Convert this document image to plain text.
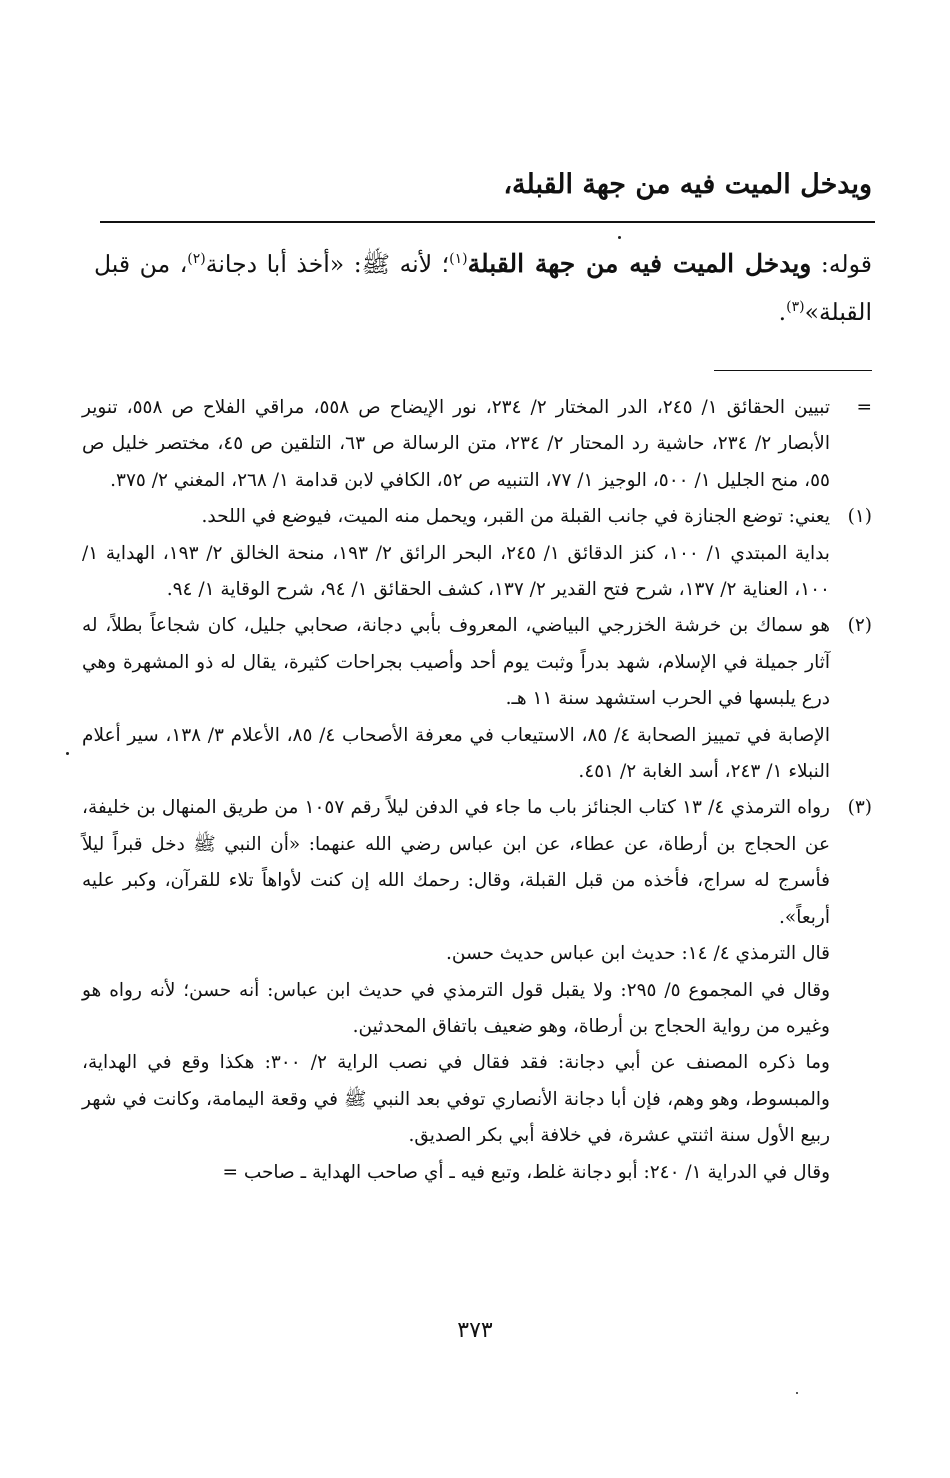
ويدخل الميت فيه من جهة القبلة،
قوله: ويدخل الميت فيه من جهة القبلة$^{(١)}$؛ لأنه ﷺ: «أخذ أبا دجانة$^{(٢)}$، من قبل القبلة»$^{(٣)}$.
=

تبيين الحقائق ١/ ٢٤٥، الدر المختار ٢/ ٢٣٤، نور الإيضاح ص ٥٥٨، مراقي الفلاح ص ٥٥٨، تنوير الأبصار ٢/ ٢٣٤، حاشية رد المحتار ٢/ ٢٣٤، متن الرسالة ص ٦٣، التلقين ص ٤٥، مختصر خليل ص ٥٥، منح الجليل ١/ ٥٠٠، الوجيز ١/ ٧٧، التنبيه ص ٥٢، الكافي لابن قدامة ١/ ٢٦٨، المغني ٢/ ٣٧٥.

(١)

يعني: توضع الجنازة في جانب القبلة من القبر، ويحمل منه الميت، فيوضع في اللحد.

بداية المبتدي ١/ ١٠٠، كنز الدقائق ١/ ٢٤٥، البحر الرائق ٢/ ١٩٣، منحة الخالق ٢/ ١٩٣، الهداية ١/ ١٠٠، العناية ٢/ ١٣٧، شرح فتح القدير ٢/ ١٣٧، كشف الحقائق ١/ ٩٤، شرح الوقاية ١/ ٩٤.

(٢)

هو سماك بن خرشة الخزرجي البياضي، المعروف بأبي دجانة، صحابي جليل، كان شجاعاً بطلاً، له آثار جميلة في الإسلام، شهد بدراً وثبت يوم أحد وأصيب بجراحات كثيرة، يقال له ذو المشهرة وهي درع يلبسها في الحرب استشهد سنة ١١ هـ.

الإصابة في تمييز الصحابة ٤/ ٨٥، الاستيعاب في معرفة الأصحاب ٤/ ٨٥، الأعلام ٣/ ١٣٨، سير أعلام النبلاء ١/ ٢٤٣، أسد الغابة ٢/ ٤٥١.

(٣)

رواه الترمذي ٤/ ١٣ كتاب الجنائز باب ما جاء في الدفن ليلاً رقم ١٠٥٧ من طريق المنهال بن خليفة، عن الحجاج بن أرطاة، عن عطاء، عن ابن عباس رضي الله عنهما: «أن النبي ﷺ دخل قبراً ليلاً فأسرج له سراج، فأخذه من قبل القبلة، وقال: رحمك الله إن كنت لأواهاً تلاء للقرآن، وكبر عليه أربعاً».

قال الترمذي ٤/ ١٤: حديث ابن عباس حديث حسن.

وقال في المجموع ٥/ ٢٩٥: ولا يقبل قول الترمذي في حديث ابن عباس: أنه حسن؛ لأنه رواه هو وغيره من رواية الحجاج بن أرطاة، وهو ضعيف باتفاق المحدثين.

وما ذكره المصنف عن أبي دجانة: فقد فقال في نصب الراية ٢/ ٣٠٠: هكذا وقع في الهداية، والمبسوط، وهو وهم، فإن أبا دجانة الأنصاري توفي بعد النبي ﷺ في وقعة اليمامة، وكانت في شهر ربيع الأول سنة اثنتي عشرة، في خلافة أبي بكر الصديق.

وقال في الدراية ١/ ٢٤٠: أبو دجانة غلط، وتبع فيه ـ أي صاحب الهداية ـ صاحب =

٣٧٣
